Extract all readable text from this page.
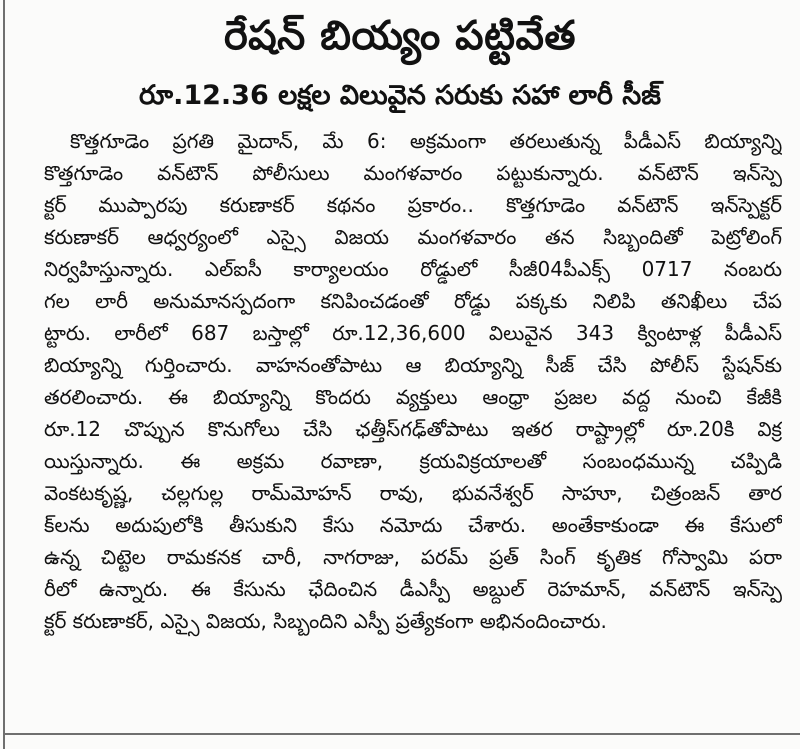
రేషన్ బియ్యం పట్టివేత
రూ.12.36 లక్షల విలువైన సరుకు సహా లారీ సీజ్
కొత్తగూడెం ప్రగతి మైదాన్, మే 6: అక్రమంగా తరలుతున్న పీడీఎస్ బియ్యాన్ని
కొత్తగూడెం వన్‌టౌన్ పోలీసులు మంగళవారం పట్టుకున్నారు. వన్‌టౌన్ ఇన్‌స్పె
క్టర్ ముప్పారపు కరుణాకర్ కథనం ప్రకారం.. కొత్తగూడెం వన్‌టౌన్ ఇన్‌స్పెక్టర్
కరుణాకర్ ఆధ్వర్యంలో ఎస్సై విజయ మంగళవారం తన సిబ్బందితో పెట్రోలింగ్
నిర్వహిస్తున్నారు. ఎల్ఐసీ కార్యాలయం రోడ్డులో సీజీ04పీఎక్స్ 0717 నంబరు
గల లారీ అనుమానస్పదంగా కనిపించడంతో రోడ్డు పక్కకు నిలిపి తనిఖీలు చేప
ట్టారు. లారీలో 687 బస్తాల్లో రూ.12,36,600 విలువైన 343 క్వింటాళ్ల పీడీఎస్
బియ్యాన్ని గుర్తించారు. వాహనంతోపాటు ఆ బియ్యాన్ని సీజ్ చేసి పోలీస్ స్టేషన్‌కు
తరలించారు. ఈ బియ్యాన్ని కొందరు వ్యక్తులు ఆంధ్రా ప్రజల వద్ద నుంచి కేజీకి
రూ.12 చొప్పున కొనుగోలు చేసి ఛత్తీస్‌గఢ్‌తోపాటు ఇతర రాష్ట్రాల్లో రూ.20కి విక్ర
యిస్తున్నారు. ఈ అక్రమ రవాణా, క్రయవిక్రయాలతో సంబంధమున్న చప్పిడి
వెంకటకృష్ణ, చల్లగుల్ల రామ్‌మోహన్ రావు, భువనేశ్వర్ సాహూ, చిత్రంజన్ తార
క్‌లను అదుపులోకి తీసుకుని కేసు నమోదు చేశారు. అంతేకాకుండా ఈ కేసులో
ఉన్న చిట్టెల రామకనక చారీ, నాగరాజు, పరమ్ ప్రత్ సింగ్ కృతిక గోస్వామి పరా
రీలో ఉన్నారు. ఈ కేసును ఛేదించిన డీఎస్పీ అబ్దుల్ రెహమాన్, వన్‌టౌన్ ఇన్‌స్పె
క్టర్ కరుణాకర్, ఎస్సై విజయ, సిబ్బందిని ఎస్పీ ప్రత్యేకంగా అభినందించారు.
